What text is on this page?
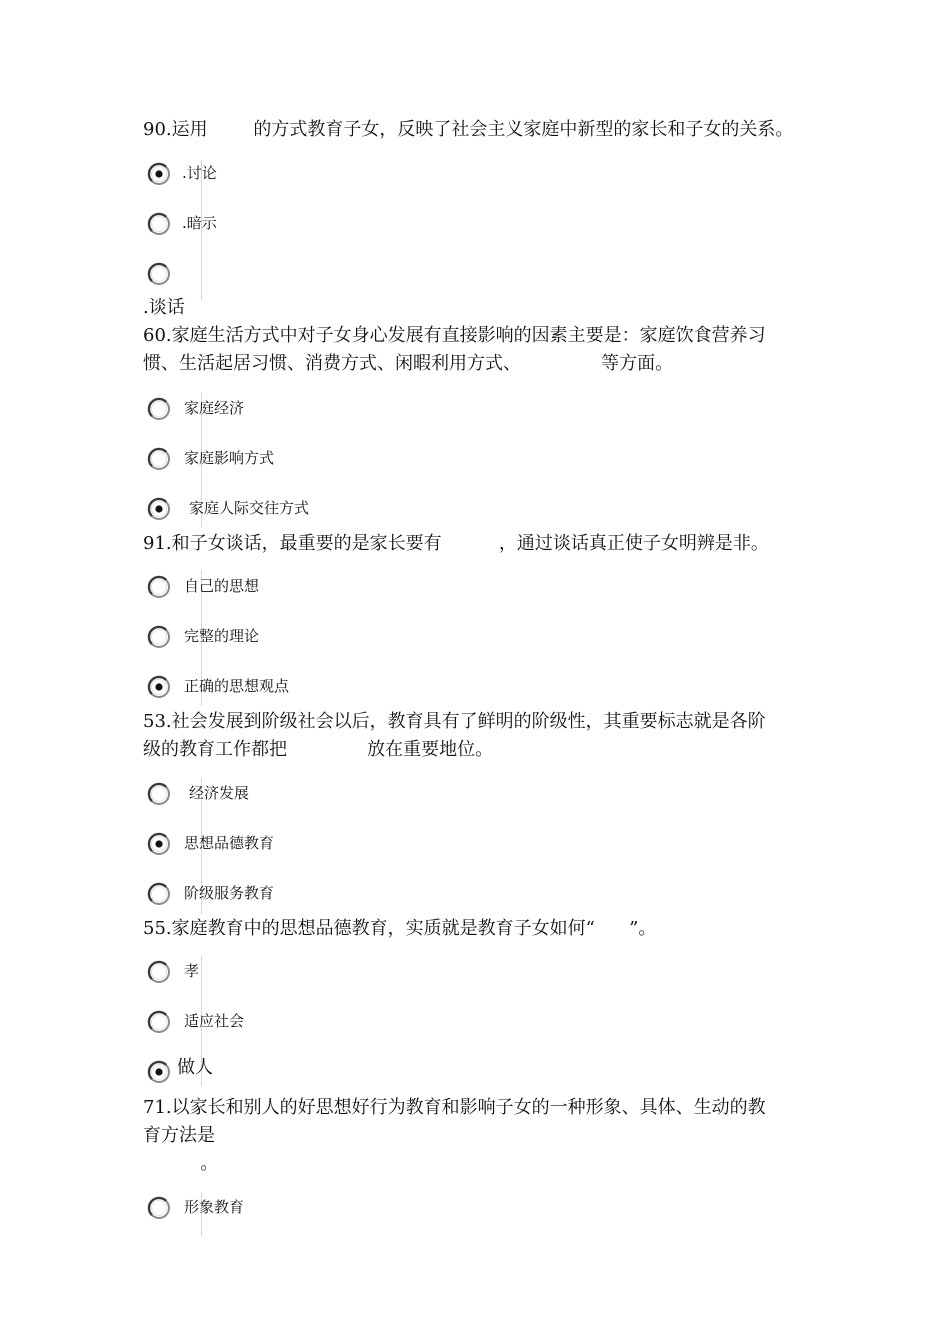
90.运用        的方式教育子女，反映了社会主义家庭中新型的家长和子女的关系。
.讨论
.暗示
.谈话
60.家庭生活方式中对子女身心发展有直接影响的因素主要是：家庭饮食营养习
惯、生活起居习惯、消费方式、闲暇利用方式、              等方面。
家庭经济
家庭影响方式
家庭人际交往方式
91.和子女谈话，最重要的是家长要有          ，通过谈话真正使子女明辨是非。
自己的思想
完整的理论
正确的思想观点
53.社会发展到阶级社会以后，教育具有了鲜明的阶级性，其重要标志就是各阶
级的教育工作都把              放在重要地位。
经济发展
思想品德教育
阶级服务教育
55.家庭教育中的思想品德教育，实质就是教育子女如何“      ”。
孝
适应社会
做人
71.以家长和别人的好思想好行为教育和影响子女的一种形象、具体、生动的教
育方法是
。
形象教育
